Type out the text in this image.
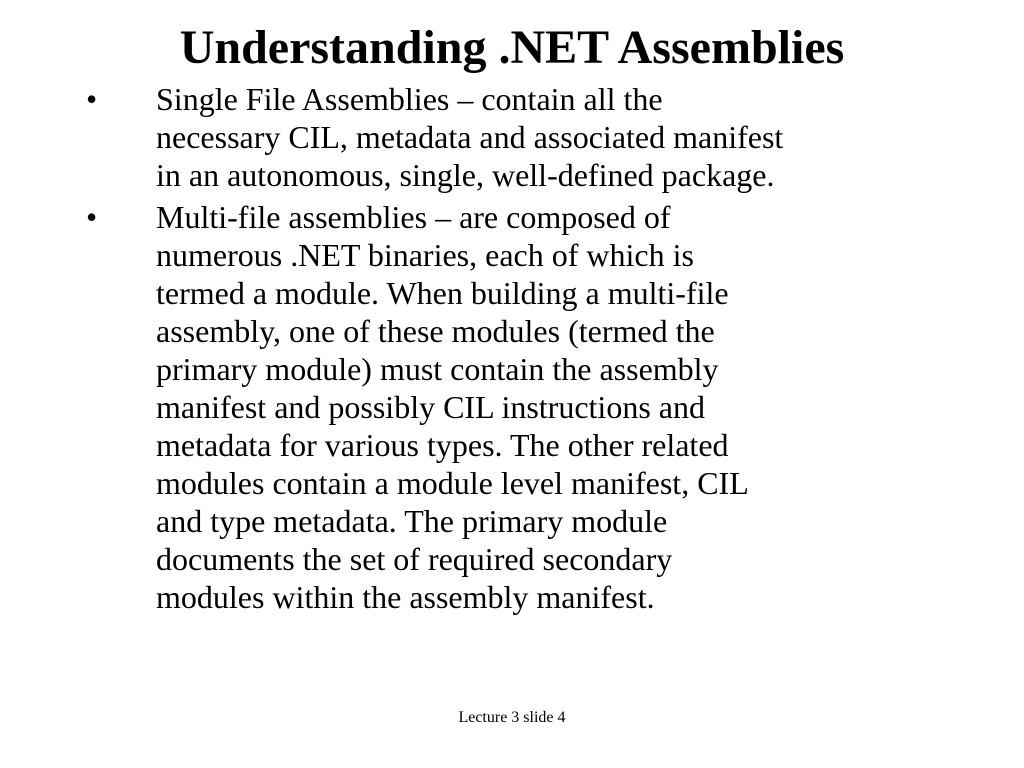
Understanding .NET Assemblies
•	Single File Assemblies – contain all the
necessary CIL, metadata and associated manifest
in an autonomous, single, well-defined package.
•	Multi-file assemblies – are composed of
numerous .NET binaries, each of which is
termed a module. When building a multi-file
assembly, one of these modules (termed the
primary module) must contain the assembly
manifest and possibly CIL instructions and
metadata for various types. The other related
modules contain a module level manifest, CIL
and type metadata. The primary module
documents the set of required secondary
modules within the assembly manifest.
Lecture 3 slide 4
